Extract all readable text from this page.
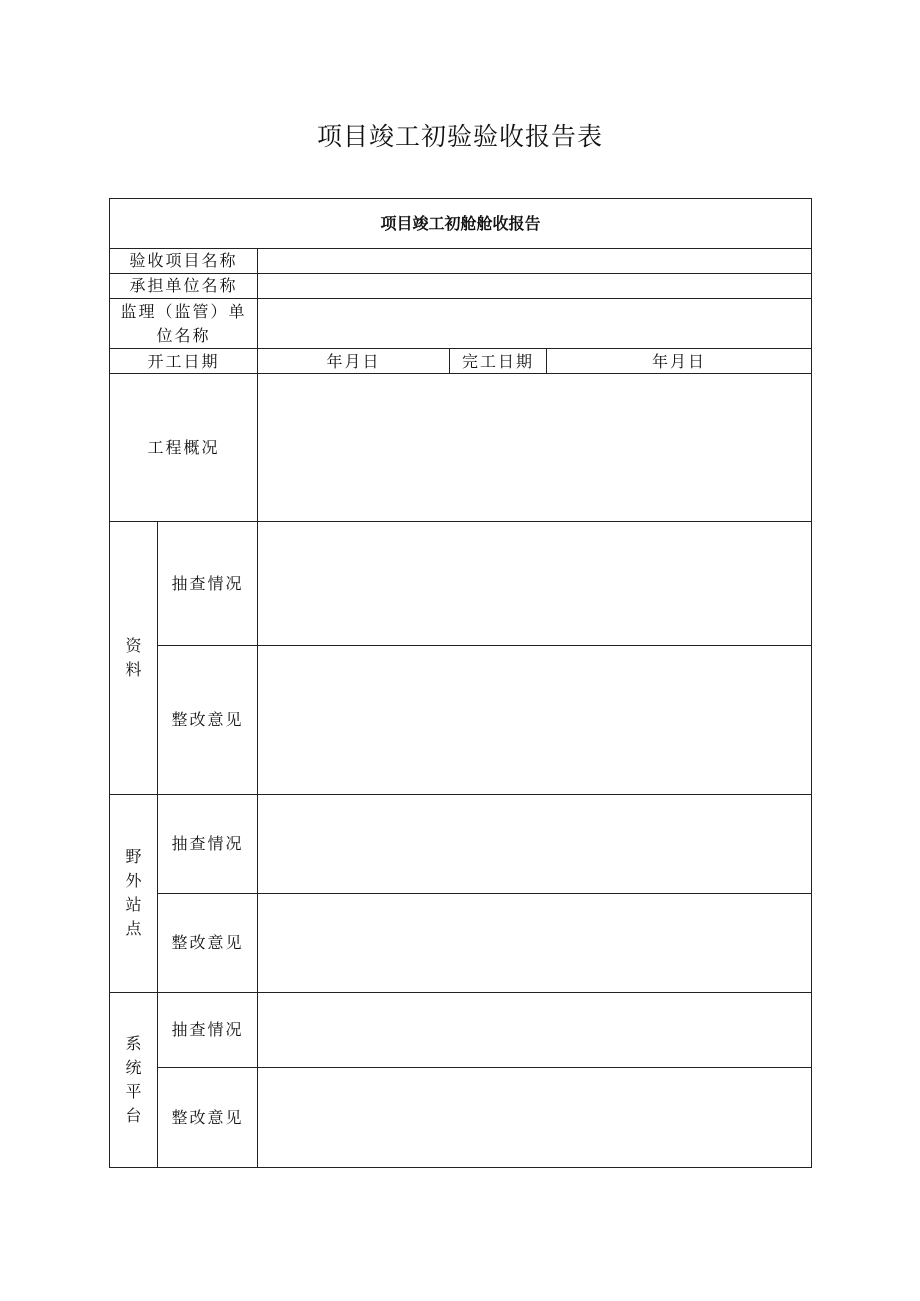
项目竣工初验验收报告表
项目竣工初舱舱收报告				
验收项目名称				
承担单位名称				
监理（监管）单位名称				
开工日期		年月日	完工日期	年月日
工程概况				
资料	抽查情况			
	整改意见			
野外站点	抽查情况			
	整改意见			
系统平台	抽查情况			
	整改意见			
